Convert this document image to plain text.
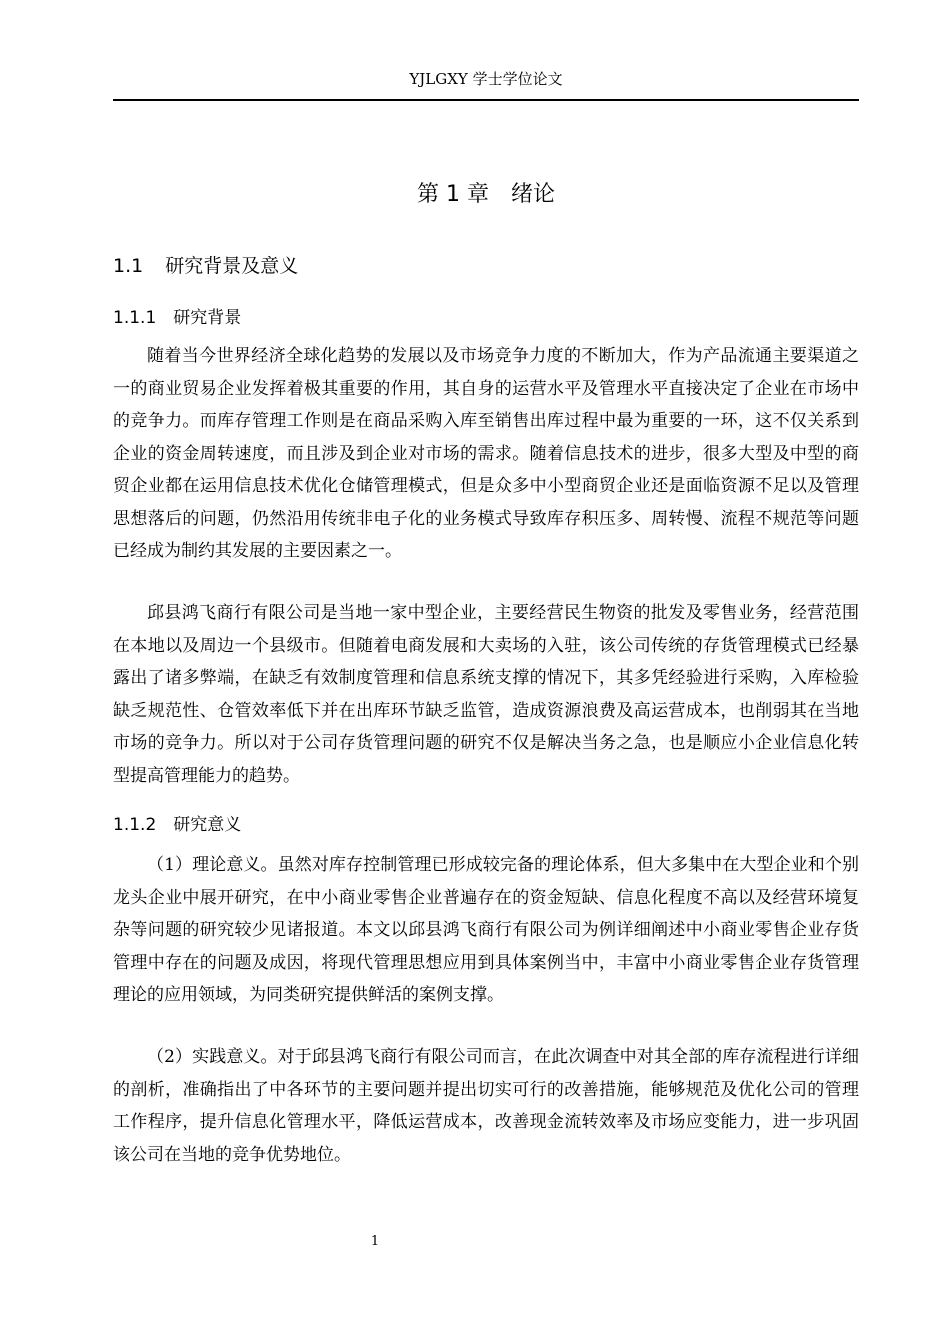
YJLGXY 学士学位论文
第 1 章　绪论
1.1 研究背景及意义
1.1.1 研究背景

随着当今世界经济全球化趋势的发展以及市场竞争力度的不断加大，作为产品流通主要渠道之一的商业贸易企业发挥着极其重要的作用，其自身的运营水平及管理水平直接决定了企业在市场中的竞争力。而库存管理工作则是在商品采购入库至销售出库过程中最为重要的一环，这不仅关系到企业的资金周转速度，而且涉及到企业对市场的需求。随着信息技术的进步，很多大型及中型的商贸企业都在运用信息技术优化仓储管理模式，但是众多中小型商贸企业还是面临资源不足以及管理思想落后的问题，仍然沿用传统非电子化的业务模式导致库存积压多、周转慢、流程不规范等问题已经成为制约其发展的主要因素之一。

邱县鸿飞商行有限公司是当地一家中型企业，主要经营民生物资的批发及零售业务，经营范围在本地以及周边一个县级市。但随着电商发展和大卖场的入驻，该公司传统的存货管理模式已经暴露出了诸多弊端，在缺乏有效制度管理和信息系统支撑的情况下，其多凭经验进行采购，入库检验缺乏规范性、仓管效率低下并在出库环节缺乏监管，造成资源浪费及高运营成本，也削弱其在当地市场的竞争力。所以对于公司存货管理问题的研究不仅是解决当务之急，也是顺应小企业信息化转型提高管理能力的趋势。

1.1.2 研究意义

（1）理论意义。虽然对库存控制管理已形成较完备的理论体系，但大多集中在大型企业和个别龙头企业中展开研究，在中小商业零售企业普遍存在的资金短缺、信息化程度不高以及经营环境复杂等问题的研究较少见诸报道。本文以邱县鸿飞商行有限公司为例详细阐述中小商业零售企业存货管理中存在的问题及成因，将现代管理思想应用到具体案例当中，丰富中小商业零售企业存货管理理论的应用领域，为同类研究提供鲜活的案例支撑。

（2）实践意义。对于邱县鸿飞商行有限公司而言，在此次调查中对其全部的库存流程进行详细的剖析，准确指出了中各环节的主要问题并提出切实可行的改善措施，能够规范及优化公司的管理工作程序，提升信息化管理水平，降低运营成本，改善现金流转效率及市场应变能力，进一步巩固该公司在当地的竞争优势地位。

1
